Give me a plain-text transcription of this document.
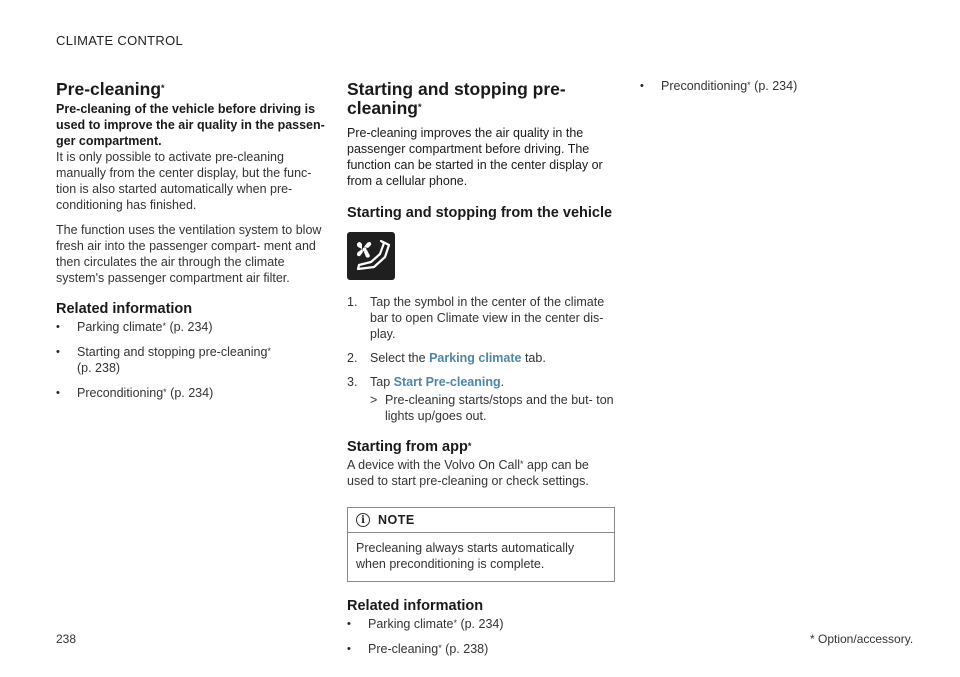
CLIMATE CONTROL
Pre-cleaning*

Pre-cleaning of the vehicle before driving is used to improve the air quality in the passen- ger compartment.

It is only possible to activate pre-cleaning manually from the center display, but the func- tion is also started automatically when pre- conditioning has finished.

The function uses the ventilation system to blow fresh air into the passenger compart- ment and then circulates the air through the climate system's passenger compartment air filter.

Related information
• Parking climate* (p. 234)
• Starting and stopping pre-cleaning*
(p. 238)
• Preconditioning* (p. 234)
Starting and stopping pre-
cleaning*

Pre-cleaning improves the air quality in the passenger compartment before driving. The function can be started in the center display or from a cellular phone.

Starting and stopping from the vehicle
1. Tap the symbol in the center of the climate bar to open Climate view in the center dis- play.
2. Select the Parking climate tab.
3. Tap Start Pre-cleaning.

> Pre-cleaning starts/stops and the but- ton lights up/goes out.

Starting from app*

A device with the Volvo On Call* app can be used to start pre-cleaning or check settings.

i	NOTE
Precleaning always starts automatically when preconditioning is complete.
Related information
• Parking climate* (p. 234)
• Pre-cleaning* (p. 238)
• Preconditioning* (p. 234)
238	* Option/accessory.
